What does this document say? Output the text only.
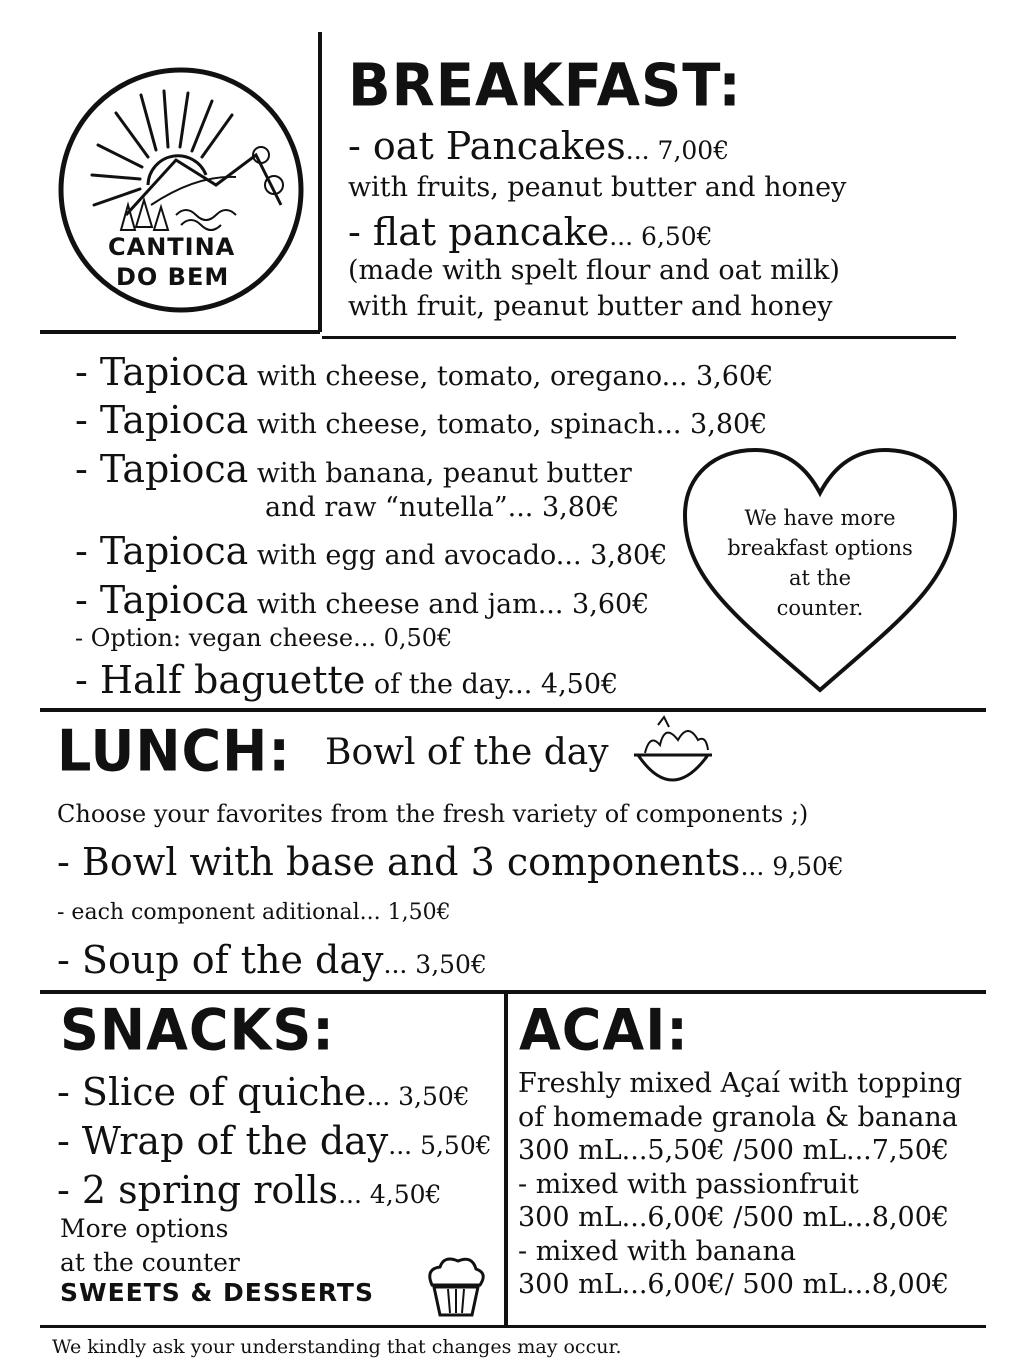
CANTINA
DO BEM
BREAKFAST:
- oat Pancakes... 7,00€
with fruits, peanut butter and honey
- flat pancake... 6,50€
(made with spelt flour and oat milk)
with fruit, peanut butter and honey
- Tapioca with cheese, tomato, oregano... 3,60€
- Tapioca with cheese, tomato, spinach... 3,80€
- Tapioca with banana, peanut butter
and raw “nutella”... 3,80€
- Tapioca with egg and avocado... 3,80€
- Tapioca with cheese and jam... 3,60€
- Option: vegan cheese... 0,50€
- Half baguette of the day... 4,50€
We have more
breakfast options
at the
counter.
LUNCH: Bowl of the day
Choose your favorites from the fresh variety of components ;)
- Bowl with base and 3 components... 9,50€
- each component aditional... 1,50€
- Soup of the day... 3,50€
SNACKS:
- Slice of quiche... 3,50€
- Wrap of the day... 5,50€
- 2 spring rolls... 4,50€
More options
at the counter
SWEETS & DESSERTS
ACAI:
Freshly mixed Açaí with topping
of homemade granola & banana
300 mL...5,50€ /500 mL...7,50€
- mixed with passionfruit
300 mL...6,00€ /500 mL...8,00€
- mixed with banana
300 mL...6,00€/ 500 mL...8,00€
We kindly ask your understanding that changes may occur.
